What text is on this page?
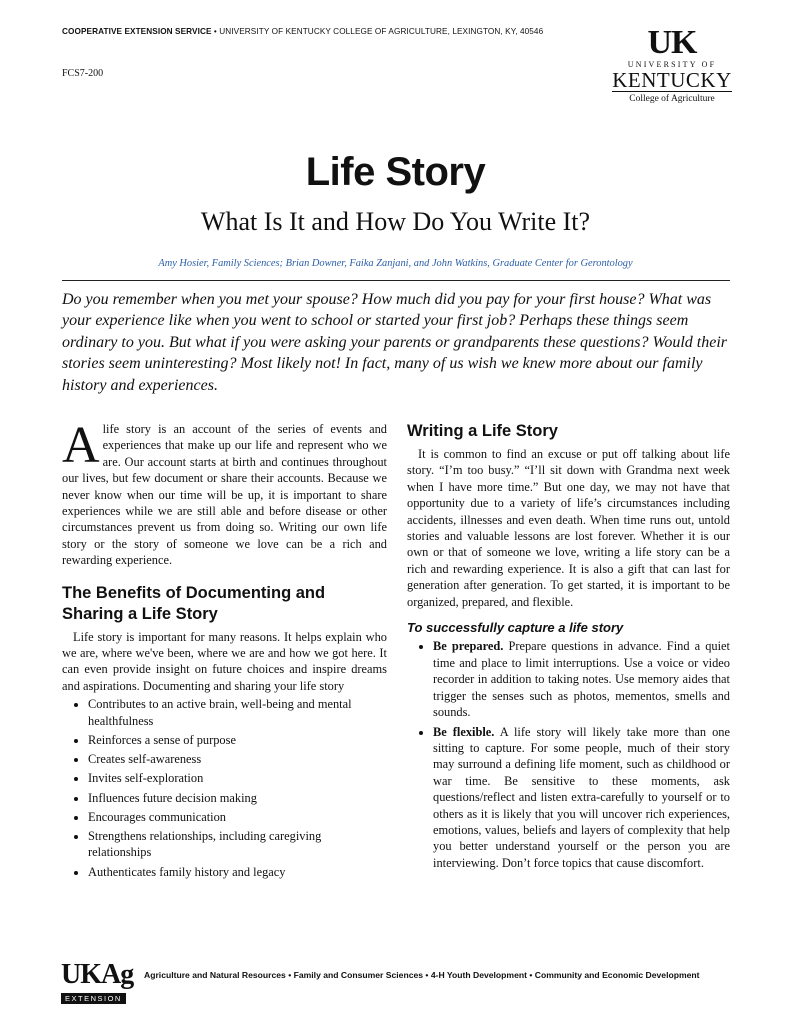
COOPERATIVE EXTENSION SERVICE • UNIVERSITY OF KENTUCKY COLLEGE OF AGRICULTURE, LEXINGTON, KY, 40546
FCS7-200
UK
UNIVERSITY OF
KENTUCKY
College of Agriculture
Life Story
What Is It and How Do You Write It?
Amy Hosier, Family Sciences; Brian Downer, Faika Zanjani, and John Watkins, Graduate Center for Gerontology
Do you remember when you met your spouse? How much did you pay for your first house? What was your experience like when you went to school or started your first job? Perhaps these things seem ordinary to you. But what if you were asking your parents or grandparents these questions? Would their stories seem uninteresting? Most likely not! In fact, many of us wish we knew more about our family history and experiences.

A life story is an account of the series of events and experiences that make up our life and represent who we are. Our account starts at birth and continues throughout our lives, but few document or share their accounts. Because we never know when our time will be up, it is important to share experiences while we are still able and before disease or other circumstances prevent us from doing so. Writing our own life story or the story of someone we love can be a rich and rewarding experience.

The Benefits of Documenting and Sharing a Life Story

Life story is important for many reasons. It helps explain who we are, where we've been, where we are and how we got here. It can even provide insight on future choices and inspire dreams and aspirations. Documenting and sharing your life story

• Contributes to an active brain, well-being and mental healthfulness
• Reinforces a sense of purpose
• Creates self-awareness
• Invites self-exploration
• Influences future decision making
• Encourages communication
• Strengthens relationships, including caregiving relationships
• Authenticates family history and legacy
Writing a Life Story

It is common to find an excuse or put off talking about life story. “I’m too busy.” “I’ll sit down with Grandma next week when I have more time.” But one day, we may not have that opportunity due to a variety of life’s circumstances including accidents, illnesses and even death. When time runs out, untold stories and valuable lessons are lost forever. Whether it is our own or that of someone we love, writing a life story can be a rich and rewarding experience. It is also a gift that can last for generation after generation. To get started, it is important to be organized, prepared, and flexible.

To successfully capture a life story
• Be prepared. Prepare questions in advance. Find a quiet time and place to limit interruptions. Use a voice or video recorder in addition to taking notes. Use memory aides that trigger the senses such as photos, mementos, smells and sounds.
• Be flexible. A life story will likely take more than one sitting to capture. For some people, much of their story may surround a defining life moment, such as childhood or war time. Be sensitive to these moments, ask questions/reflect and listen extra-carefully to yourself or to others as it is likely that you will uncover rich experiences, emotions, values, beliefs and layers of complexity that help you better understand yourself or the person you are interviewing. Don’t force topics that cause discomfort.
UKAg
EXTENSION
Agriculture and Natural Resources • Family and Consumer Sciences • 4-H Youth Development • Community and Economic Development
